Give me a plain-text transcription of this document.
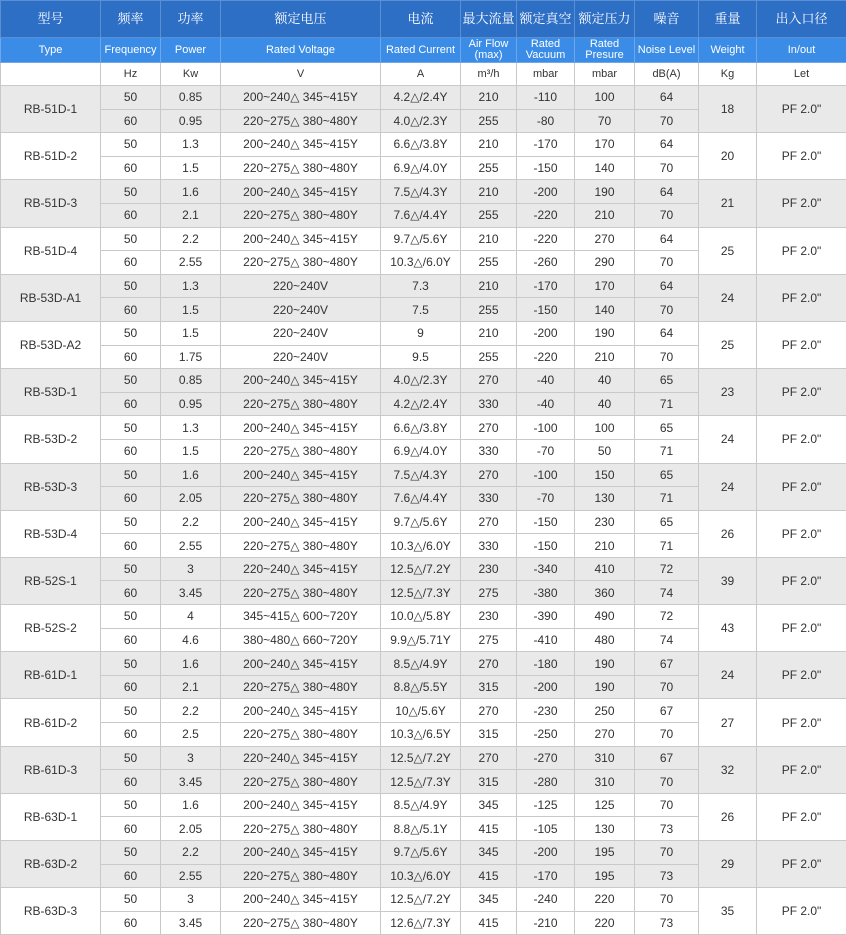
型号	频率	功率	额定电压	电流	最大流量	额定真空	额定压力	噪音	重量	出入口径
Type	Frequency	Power	Rated Voltage	Rated Current	Air Flow (max)	Rated Vacuum	Rated Presure	Noise Level	Weight	In/out
	Hz	Kw	V	A	m³/h	mbar	mbar	dB(A)	Kg	Let
RB-51D-1	50	0.85	200~240△ 345~415Y	4.2△/2.4Y	210	-110	100	64	18	PF 2.0"
	60	0.95	220~275△ 380~480Y	4.0△/2.3Y	255	-80	70	70		
RB-51D-2	50	1.3	200~240△ 345~415Y	6.6△/3.8Y	210	-170	170	64	20	PF 2.0"
	60	1.5	220~275△ 380~480Y	6.9△/4.0Y	255	-150	140	70		
RB-51D-3	50	1.6	200~240△ 345~415Y	7.5△/4.3Y	210	-200	190	64	21	PF 2.0"
	60	2.1	220~275△ 380~480Y	7.6△/4.4Y	255	-220	210	70		
RB-51D-4	50	2.2	200~240△ 345~415Y	9.7△/5.6Y	210	-220	270	64	25	PF 2.0"
	60	2.55	220~275△ 380~480Y	10.3△/6.0Y	255	-260	290	70		
RB-53D-A1	50	1.3	220~240V	7.3	210	-170	170	64	24	PF 2.0"
	60	1.5	220~240V	7.5	255	-150	140	70		
RB-53D-A2	50	1.5	220~240V	9	210	-200	190	64	25	PF 2.0"
	60	1.75	220~240V	9.5	255	-220	210	70		
RB-53D-1	50	0.85	200~240△ 345~415Y	4.0△/2.3Y	270	-40	40	65	23	PF 2.0"
	60	0.95	220~275△ 380~480Y	4.2△/2.4Y	330	-40	40	71		
RB-53D-2	50	1.3	200~240△ 345~415Y	6.6△/3.8Y	270	-100	100	65	24	PF 2.0"
	60	1.5	220~275△ 380~480Y	6.9△/4.0Y	330	-70	50	71		
RB-53D-3	50	1.6	200~240△ 345~415Y	7.5△/4.3Y	270	-100	150	65	24	PF 2.0"
	60	2.05	220~275△ 380~480Y	7.6△/4.4Y	330	-70	130	71		
RB-53D-4	50	2.2	200~240△ 345~415Y	9.7△/5.6Y	270	-150	230	65	26	PF 2.0"
	60	2.55	220~275△ 380~480Y	10.3△/6.0Y	330	-150	210	71		
RB-52S-1	50	3	220~240△ 345~415Y	12.5△/7.2Y	230	-340	410	72	39	PF 2.0"
	60	3.45	220~275△ 380~480Y	12.5△/7.3Y	275	-380	360	74		
RB-52S-2	50	4	345~415△ 600~720Y	10.0△/5.8Y	230	-390	490	72	43	PF 2.0"
	60	4.6	380~480△ 660~720Y	9.9△/5.71Y	275	-410	480	74		
RB-61D-1	50	1.6	200~240△ 345~415Y	8.5△/4.9Y	270	-180	190	67	24	PF 2.0"
	60	2.1	220~275△ 380~480Y	8.8△/5.5Y	315	-200	190	70		
RB-61D-2	50	2.2	200~240△ 345~415Y	10△/5.6Y	270	-230	250	67	27	PF 2.0"
	60	2.5	220~275△ 380~480Y	10.3△/6.5Y	315	-250	270	70		
RB-61D-3	50	3	220~240△ 345~415Y	12.5△/7.2Y	270	-270	310	67	32	PF 2.0"
	60	3.45	220~275△ 380~480Y	12.5△/7.3Y	315	-280	310	70		
RB-63D-1	50	1.6	200~240△ 345~415Y	8.5△/4.9Y	345	-125	125	70	26	PF 2.0"
	60	2.05	220~275△ 380~480Y	8.8△/5.1Y	415	-105	130	73		
RB-63D-2	50	2.2	200~240△ 345~415Y	9.7△/5.6Y	345	-200	195	70	29	PF 2.0"
	60	2.55	220~275△ 380~480Y	10.3△/6.0Y	415	-170	195	73		
RB-63D-3	50	3	200~240△ 345~415Y	12.5△/7.2Y	345	-240	220	70	35	PF 2.0"
	60	3.45	220~275△ 380~480Y	12.6△/7.3Y	415	-210	220	73		
